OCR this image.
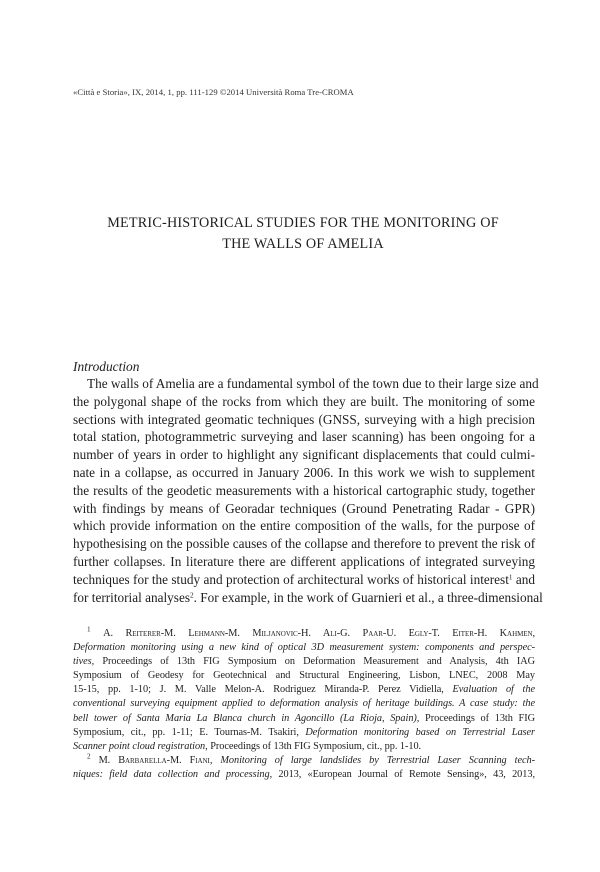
«Città e Storia», IX, 2014, 1, pp. 111-129 ©2014 Università Roma Tre-CROMA
METRIC-HISTORICAL STUDIES FOR THE MONITORING OF
THE WALLS OF AMELIA
Introduction
The walls of Amelia are a fundamental symbol of the town due to their large size and
the polygonal shape of the rocks from which they are built. The monitoring of some
sections with integrated geomatic techniques (GNSS, surveying with a high precision
total station, photogrammetric surveying and laser scanning) has been ongoing for a
number of years in order to highlight any significant displacements that could culmi-
nate in a collapse, as occurred in January 2006. In this work we wish to supplement
the results of the geodetic measurements with a historical cartographic study, together
with findings by means of Georadar techniques (Ground Penetrating Radar - GPR)
which provide information on the entire composition of the walls, for the purpose of
hypothesising on the possible causes of the collapse and therefore to prevent the risk of
further collapses. In literature there are different applications of integrated surveying
techniques for the study and protection of architectural works of historical interest$^1$ and
for territorial analyses$^2$. For example, in the work of Guarnieri et al., a three-dimensional
$^1$ A. Reiterer-M. Lehmann-M. Miljanovic-H. Ali-G. Paar-U. Egly-T. Eiter-H. Kahmen,
Deformation monitoring using a new kind of optical 3D measurement system: components and perspec-
tives, Proceedings of 13th FIG Symposium on Deformation Measurement and Analysis, 4th IAG
Symposium of Geodesy for Geotechnical and Structural Engineering, Lisbon, LNEC, 2008 May
15-15, pp. 1-10; J. M. Valle Melon-A. Rodriguez Miranda-P. Perez Vidiella, Evaluation of the
conventional surveying equipment applied to deformation analysis of heritage buildings. A case study: the
bell tower of Santa Maria La Blanca church in Agoncillo (La Rioja, Spain), Proceedings of 13th FIG
Symposium, cit., pp. 1-11; E. Tournas-M. Tsakiri, Deformation monitoring based on Terrestrial Laser
Scanner point cloud registration, Proceedings of 13th FIG Symposium, cit., pp. 1-10.
$^2$ M. Barbarella-M. Fiani, Monitoring of large landslides by Terrestrial Laser Scanning tech-
niques: field data collection and processing, 2013, «European Journal of Remote Sensing», 43, 2013,
